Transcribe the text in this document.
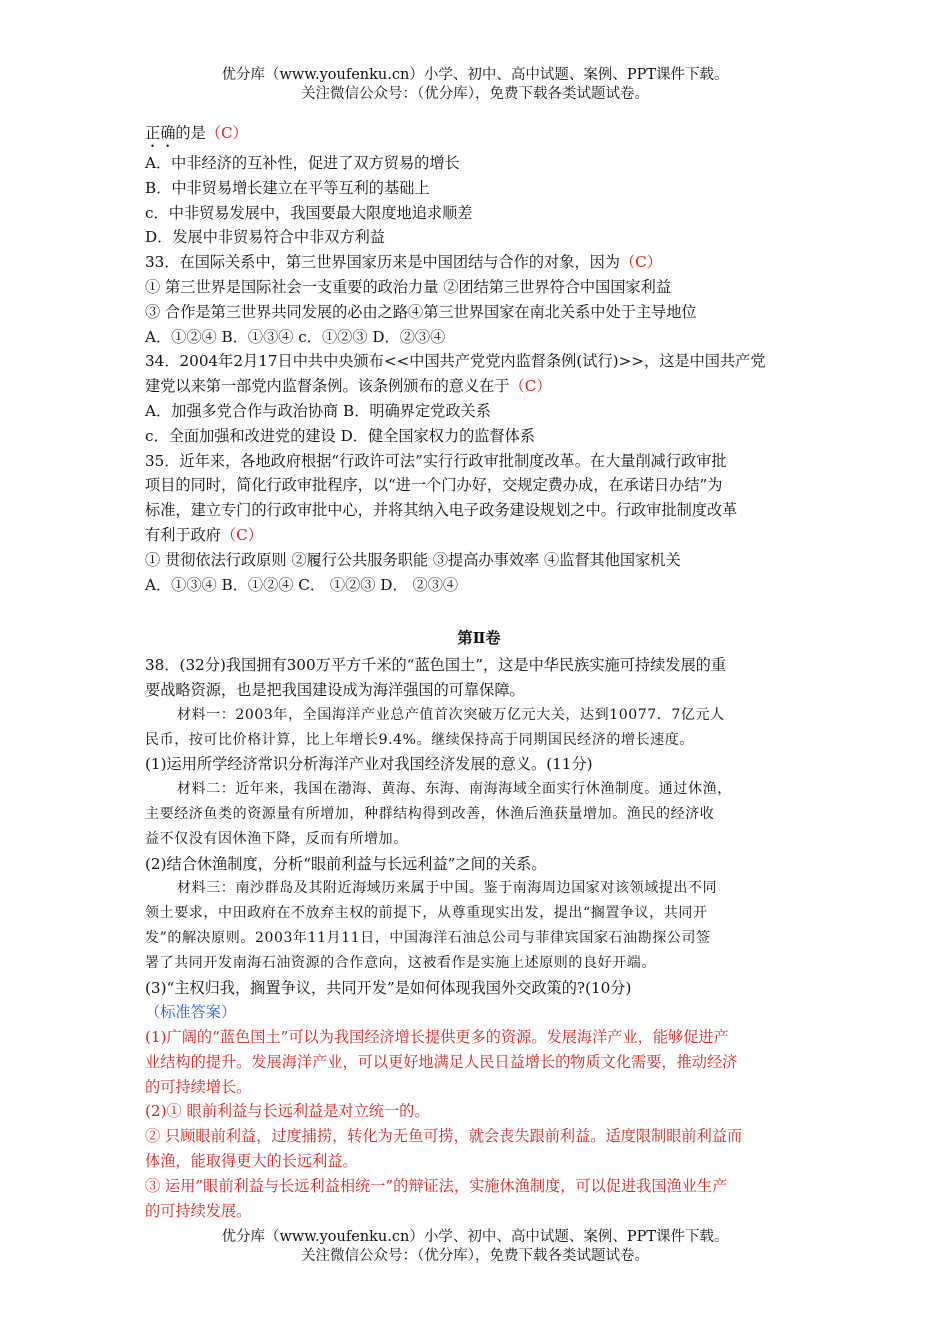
优分库（www.youfenku.cn）小学、初中、高中试题、案例、PPT课件下载。
关注微信公众号：（优分库），免费下载各类试题试卷。
正确的是（C）
A．中非经济的互补性，促进了双方贸易的增长
B．中非贸易增长建立在平等互利的基础上
c．中非贸易发展中，我国要最大限度地追求顺差
D．发展中非贸易符合中非双方利益
33．在国际关系中，第三世界国家历来是中国团结与合作的对象，因为（C）
① 第三世界是国际社会一支重要的政治力量 ②团结第三世界符合中国国家利益
③ 合作是第三世界共同发展的必由之路④第三世界国家在南北关系中处于主导地位
A．①②④ B．①③④ c．①②③ D．②③④
34．2004年2月17日中共中央颁布<<中国共产党党内监督条例(试行)>>，这是中国共产党
建党以来第一部党内监督条例。该条例颁布的意义在于（C）
A．加强多党合作与政治协商 B．明确界定党政关系
c．全面加强和改进党的建设 D．健全国家权力的监督体系
35．近年来，各地政府根据“行政许可法”实行行政审批制度改革。在大量削减行政审批
项目的同时，简化行政审批程序，以“进一个门办好，交规定费办成，在承诺日办结”为
标准，建立专门的行政审批中心，并将其纳入电子政务建设规划之中。行政审批制度改革
有利于政府（C）
① 贯彻依法行政原则 ②履行公共服务职能 ③提高办事效率 ④监督其他国家机关
A．①③④ B．①②④ C． ①②③ D． ②③④
第Ⅱ卷
38．(32分)我国拥有300万平方千米的“蓝色国土”，这是中华民族实施可持续发展的重
要战略资源，也是把我国建设成为海洋强国的可靠保障。
材料一：2003年，全国海洋产业总产值首次突破万亿元大关，达到10077．7亿元人
民币，按可比价格计算，比上年增长9.4%。继续保持高于同期国民经济的增长速度。
(1)运用所学经济常识分析海洋产业对我国经济发展的意义。(11分)
材料二：近年来，我国在渤海、黄海、东海、南海海域全面实行休渔制度。通过休渔，
主要经济鱼类的资源量有所增加，种群结构得到改善，休渔后渔获量增加。渔民的经济收
益不仅没有因休渔下降，反而有所增加。
(2)结合休渔制度，分析“眼前利益与长远利益”之间的关系。
材料三：南沙群岛及其附近海域历来属于中国。鉴于南海周边国家对该领域提出不同
领土要求，中田政府在不放弃主权的前提下，从尊重现实出发，提出“搁置争议，共同开
发”的解决原则。2003年11月11日，中国海洋石油总公司与菲律宾国家石油勘探公司签
署了共同开发南海石油资源的合作意向，这被看作是实施上述原则的良好开端。
(3)“主权归我，搁置争议，共同开发”是如何体现我国外交政策的?(10分)
（标准答案）
(1)广阔的“蓝色国土”可以为我国经济增长提供更多的资源。发展海洋产业，能够促进产
业结构的提升。发展海洋产业，可以更好地满足人民日益增长的物质文化需要，推动经济
的可持续增长。
(2)① 眼前利益与长远利益是对立统一的。
② 只顾眼前利益，过度捕捞，转化为无鱼可捞，就会丧失跟前利益。适度限制眼前利益而
体渔，能取得更大的长远利益。
③ 运用”眼前利益与长远利益相统一”的辩证法，实施休渔制度，可以促进我国渔业生产
的可持续发展。
优分库（www.youfenku.cn）小学、初中、高中试题、案例、PPT课件下载。
关注微信公众号：（优分库），免费下载各类试题试卷。
